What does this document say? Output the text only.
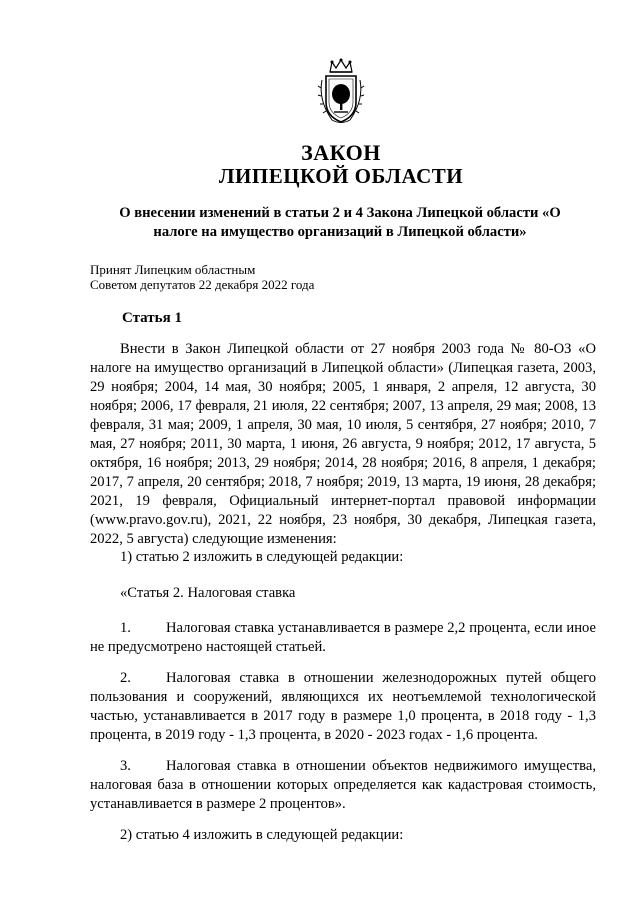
ЗАКОН
ЛИПЕЦКОЙ ОБЛАСТИ
О внесении изменений в статьи 2 и 4 Закона Липецкой области «О налоге на имущество организаций в Липецкой области»
Принят Липецким областным
Советом депутатов 22 декабря 2022 года
Статья 1
Внести в Закон Липецкой области от 27 ноября 2003 года № 80-ОЗ «О налоге на имущество организаций в Липецкой области» (Липецкая газета, 2003, 29 ноября; 2004, 14 мая, 30 ноября; 2005, 1 января, 2 апреля, 12 августа, 30 ноября; 2006, 17 февраля, 21 июля, 22 сентября; 2007, 13 апреля, 29 мая; 2008, 13 февраля, 31 мая; 2009, 1 апреля, 30 мая, 10 июля, 5 сентября, 27 ноября; 2010, 7 мая, 27 ноября; 2011, 30 марта, 1 июня, 26 августа, 9 ноября; 2012, 17 августа, 5 октября, 16 ноября; 2013, 29 ноября; 2014, 28 ноября; 2016, 8 апреля, 1 декабря; 2017, 7 апреля, 20 сентября; 2018, 7 ноября; 2019, 13 марта, 19 июня, 28 декабря; 2021, 19 февраля, Официальный интернет-портал правовой информации (www.pravo.gov.ru), 2021, 22 ноября, 23 ноября, 30 декабря, Липецкая газета, 2022, 5 августа) следующие изменения:
1) статью 2 изложить в следующей редакции:
«Статья 2. Налоговая ставка
1. Налоговая ставка устанавливается в размере 2,2 процента, если иное не предусмотрено настоящей статьей.
2. Налоговая ставка в отношении железнодорожных путей общего пользования и сооружений, являющихся их неотъемлемой технологической частью, устанавливается в 2017 году в размере 1,0 процента, в 2018 году - 1,3 процента, в 2019 году - 1,3 процента, в 2020 - 2023 годах - 1,6 процента.
3. Налоговая ставка в отношении объектов недвижимого имущества, налоговая база в отношении которых определяется как кадастровая стоимость, устанавливается в размере 2 процентов».
2) статью 4 изложить в следующей редакции:
